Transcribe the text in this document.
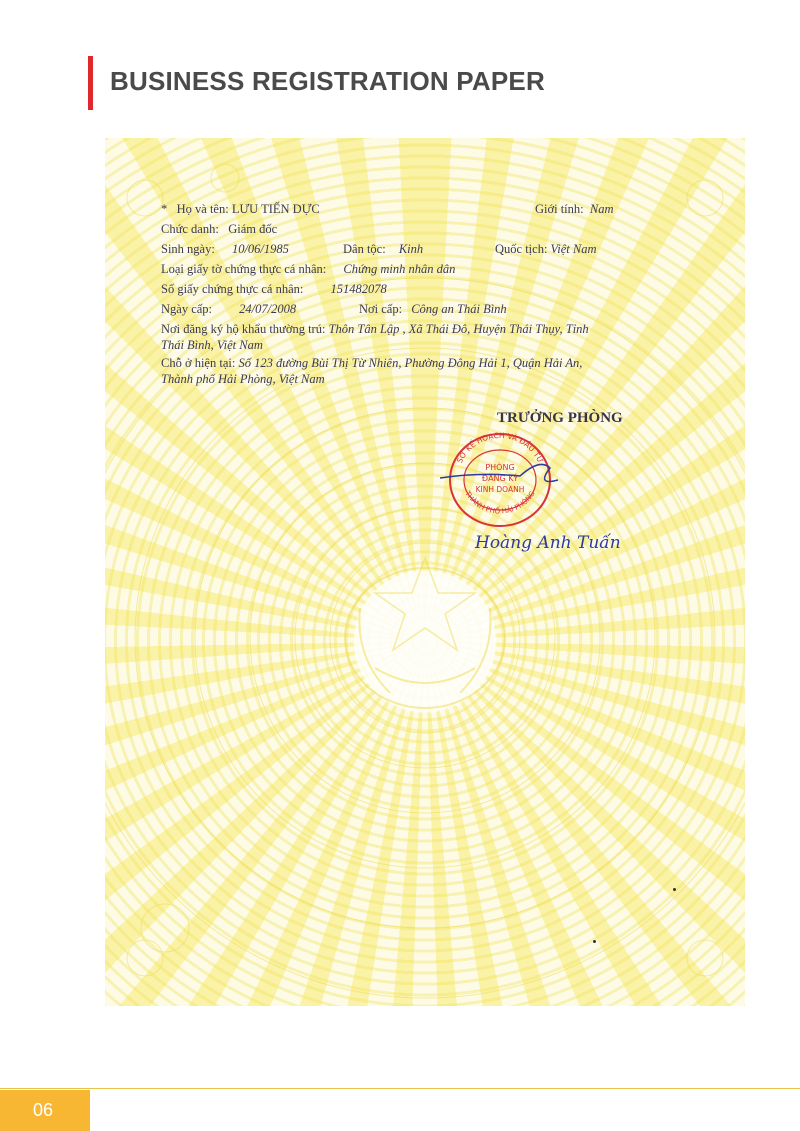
BUSINESS REGISTRATION PAPER
* Họ và tên: LƯU TIẾN DỰC	Giới tính: Nam
Chức danh: Giám đốc
Sinh ngày: 10/06/1985	Dân tộc: Kinh	Quốc tịch: Việt Nam
Loại giấy tờ chứng thực cá nhân: Chứng minh nhân dân
Số giấy chứng thực cá nhân: 151482078
Ngày cấp: 24/07/2008	Nơi cấp: Công an Thái Bình
Nơi đăng ký hộ khẩu thường trú: Thôn Tân Lập , Xã Thái Đô, Huyện Thái Thụy, Tỉnh
Thái Bình, Việt Nam
Chỗ ở hiện tại: Số 123 đường Bùi Thị Từ Nhiên, Phường Đông Hải 1, Quận Hải An,
Thành phố Hải Phòng, Việt Nam
TRƯỞNG PHÒNG
SỞ KẾ HOẠCH VÀ ĐẦU TƯ
THÀNH PHỐ HẢI PHÒNG
PHÒNG
ĐĂNG KÝ
KINH DOANH
Hoàng Anh Tuấn
06
